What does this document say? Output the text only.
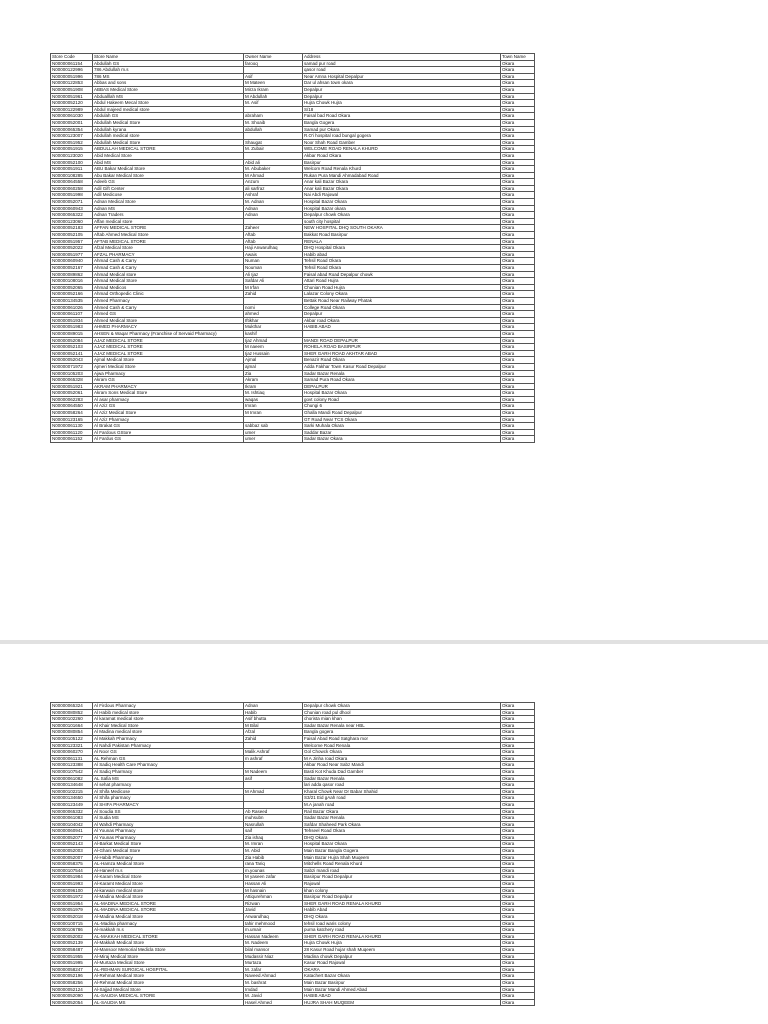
Store Code	Store Name	Owner Name	Address	Town Name
N00000061154	Abdullah GS	farooq	samad pur road	Okara
N00000122996	786 Abdullah m.s		qasor road	Okara
N00000051996	786 MS	Asif	Near Amna Hospital Depalpur	Okara
N00000122853	Abbas and sons	M Mateen	Dar ul ahsan town okara	Okara
N00000051908	ABBAS Medical Store	Mirza Ikram	Depalpur	Okara
N00000051961	Abdualllah MS	M Abdullah	Depalpur	Okara
N00000052120	Abdul Hakeem Mecal Store	M. Asif	Hujra Chowk Hujra	Okara
N00000122989	Abdul majeed medical store		S/18	Okara
N00000061030	Abdulah GS	abraham	Faisal bad Road Okara	Okara
N00000052001	Abdullah Medical Store	M. Shoaib	Bangla Gogera	Okara
N00000065354	Abdullah kyrana	abdullah	Samad pur Okara	Okara
N00000123007	Abdullah medical store		R.O'i hospital road bungal gogera	Okara
N00000051952	Abdullah Medical Store	Shaugat	Noor Shah Road Gamber	Okara
N00000051915	ABDULLAH MEDICAL STORE	M. Zubair	WELCOME ROAD RENALA KHURD	Okara
N00000123020	Abid Medical Store		Akbar Road Okara	Okara
N00000052100	Abid MS	Abid ali	Basirpur	Okara
N00000051911	ABU Bakar Medical Store	M. Abubaker	Welcom Road Renala Khurd	Okara
N00000108285	Abu Bakar Medical Store	M Ahmad	Rukan Pura Mandi Ahmadabad Road	Okara
N00000064558	Adeeb GS	Anzum	Anar kali Bazar Okara	Okara
N00000060258	Adil Gift Center	ali sarfraz	Anar kali Bazar Okara	Okara
N00000051998	Adil Medicose	Ashraf	Nai Abdi Rajowal	Okara
N00000052071	Adnan Medical Store	M. Adnan	Hospital Bazar Okara	Okara
N00000060943	Adnan MS	Adnan	Hospital Bazar okara	Okara
N00000065322	Adnan Traders	Adnan	Depalpur chowk Okara	Okara
N00000123060	Affan medical store		south city hospital	Okara
N00000052183	AFFAN MEDICAL STORE	Zaheer	NEW HOSPITAL DHQ SOUTH OKARA	Okara
N00000052105	Aftab Ahmed Medical Store	Aftab	Bakkat Road Basirpur	Okara
N00000051957	AFTAB MEDICAL STORE	Aftab	RENALA	Okara
N00000052022	Afzal Medical Store	Haji Anwarulhaq	DHQ Hospital Okara	Okara
N00000051977	AFZAL PHARMACY	Awais	Habib abad	Okara
N00000060940	Ahmad Cash & Carry	Numan	Tehsil Road Okara	Okara
N00000052167	Ahmad Cash & Carry	Nouman	Tehsil Road Okara	Okara
N00000089862	Ahmad Medical store	Ali Ijaz	Faisal abad Road Depalpur chowk	Okara
N00000108016	Ahmad Medical Store	Safdar Ali	Attari Road Hujra	Okara
N00000052065	Ahmad Medicos	M Irfan	Chunian Road Hujra	Okara
N00000052166	Ahmad Orthopedic Clinic	Zahid	Lalazar Colony Okara	Okara
N00000134535	Ahmed Pharmacy		Bettak Road Near Railway Phatak	Okara
N00000061026	Ahmed Cash & Carry	nomi	College Road Okara	Okara
N00000061107	Ahmed GS	ahmed	Depalpur	Okara
N00000051934	Ahmed Medical Store	Iftikhar	Akbar road Okara	Okara
N00000051983	AHMED PHARMACY	Mukthar	HABIB ABAD	Okara
N00000089015	AHSEN & Waqar Pharmacy (Franchise of Servaid Pharmacy)	kashif		Okara
N00000052084	AJAZ MEDICAL STORE	Ijaz Ahmad	MANDI ROAD DEPALPUR	Okara
N00000052103	AJAZ MEDICAL STORE	M naeem	ROHELA ROAD BASIRPUR	Okara
N00000052141	AJAZ MEDICAL STORE	Ijaz Hussain	SHER GARH ROAD AKHTAR ABAD	Okara
N00000052043	Ajmal Medical Store	Ajmal	Benazir Road Okara	Okara
N00000071972	Ajmeri Medical Store	ajmal	Adda Fakhar Town Kasur Road Depalpur	Okara
N00000105203	Ajwa Pharmacy	Zia	Sadar Bazar Renala	Okara
N00000065328	Akram GS	Akram	Samad Pura Road Okara	Okara
N00000051921	AKRAM PHARMACY	Ikram	DEPALPUR	Okara
N00000052061	Akram Sons Medical Store	M. Ishtiaq	Hospital Bazar Okara	Okara
N00000062283	Al asar pharmacy	waqas	govt colony Road	Okara
N00000064550	Al Aziz GS	Imran	Chungi 6	Okara
N00000058264	Al Aziz Medical Store	M Imran	Ghalla Mandi Road Depalpur	Okara
N00000123165	Al Aziz Pharmacy		GT Road Near TCS Okara	Okara
N00000061130	Al Brakat GS	sabbaz sab	Sarki Muhala Okara	Okara
N00000061120	Al Fardous GStore	umer	Saddar Bazar	Okara
N00000061152	Al Fardus GS	umer	Sadar Bazar Okara	Okara
N00000065324	Al Firdous Pharmacy	Adnan	Depalpur chowk Okara	Okara
N00000080852	Al Habib medical store	Habib	Chunian road pul dhool	Okara
N00000102260	Al karamat medical store	Asif bhutta	chorista mian khan	Okara
N00000101664	Al Khair Medical Store	M Bilal	Sadar Bazar Renala near HBL	Okara
N00000080854	Al Madina medical store	Afzal	Bangla gogera	Okara
N00000105122	Al Makkah Pharmacy	Zahid	Faisal Abad Road Satghara mor	Okara
N00000123321	Al Nahdi Pakistan Pharmacy		Welcome Road Renala	Okara
N00000060270	Al Noor GS	Malik Ashraf	Gol Chowck Okara	Okara
N00000061131	AL Rehman GS	m ashraf	M A Jinha road Okara	Okara
N00000123388	Al Sadiq Health Care Pharmacy		Akbar Road Near Sabz Mandi	Okara
N00000107542	Al Sadiq Pharmacy	M Nadeem	Basti Kot Khuda Dad Gamber	Okara
N00000061082	AL Safia MS	asif	Sadar Bazar Renala	Okara
N00000134648	Al sehat pharmacy		lari adda qasor road	Okara
N00000102215	Al Shifa Medicose	M Ahmad	Kharal Chowk Near Dr Babar Shahid	Okara
N00000134650	Al Shifa pharmacy		S3/21 Eid gAah road	Okara
N00000123449	Al SHIFA PHARMACY		M.A janah road	Okara
N00000065332	Al Soudia SS	Ab Raseed	Rail Bazar Okara	Okara
N00000061083	Al Sudia MS	muhsubn	Sadar Bazar Renala	Okara
N00000104042	Al Wahdi Pharmacy	Nasrullah	Safdar Shaheed Park Okara	Okara
N00000060941	Al Younas Pharmacy	saif	Tehseel Road Okara	Okara
N00000052077	Al Younas Pharmacy	Zia ishaq	DHQ Okara	Okara
N00000052143	Al-Barkat Medical Store	M. Imran	Hospital Bazar Okara	Okara
N00000052003	Al-Ghani Medical Store	M. Abid	Main Bazar Bangla Gogera	Okara
N00000052007	Al-Habib Pharmacy	Zia Habib	Main Bazar Hujra Shah Muqeem	Okara
N00000058375	AL-Hamza Medical Store	rana Tariq	Mitchells Road Renala Khurd	Okara
N00000107544	Al-Haneef m.s	m.younas	Sabzi mandi road	Okara
N00000051984	Al-Karam Medical Store	M yaseen zafar	Basirpur Road Depalpur	Okara
N00000051993	Al-Karamt Medical Store	Hassan Ali	Rajowal	Okara
N00000096100	Al-karwain medical store	M hasnain	khan colony	Okara
N00000051972	Al-Madina Medical Store	Attiqurehman	Basirpur Road Depalpur	Okara
N00000051954	AL-MADINA MEDICAL STORE	Rizwan	SHER GARH ROAD RENALA KHURD	Okara
N00000051979	AL-MADINA MEDICAL STORE	Javid	Habib Abad	Okara
N00000052018	Al-Madina Medical Store	Anwarulhaq	DHQ Okara	Okara
N00000100715	AL-Madina pharmacy	tahir mehmood	tehsil road waris colony	Okara
N00000106786	Al-makkah m.s	m.umair	purna katchery road	Okara
N00000052002	AL-MAKKAH MEDICAL STORE	Hassan Nadeem	SHER GARH ROAD RENALA KHURD	Okara
N00000052139	Al-Makkah Medical Store	M. Nadeem	Hujra Chowk Hujra	Okara
N00000058487	Al-Mansoor Memorial Medicla Store	bilal mansor	28 Kasur Road hujar shah Muqeem	Okara
N00000051955	Al-Miraj Medical Store	Mudassir Niaz	Madina chowk Depalpur	Okara
N00000051995	Al-Murtaza Medical Store	Murtaza	Kasur Road Rajowal	Okara
N00000058247	AL-REHMAN SURGICAL HOSPITAL	M. zafar	OKARA	Okara
N00000052196	Al-Rehmat Medical Store	Naveed Ahmad	Katachert Bazar Okara	Okara
N00000058256	Al-Rehmat Medical Store	M. bashrat	Main Bazar Basirpur	Okara
N00000052124	Al-Sajjad Medical Store	Imdad	Main Bazar Mandi Ahmed Abad	Okara
N00000052090	AL-SAUDIA MEDICAL STORE	M. Javid	HABIB ABAD	Okara
N00000052054	AL-SAUDIA MS	Hasel Ahmed	HUJRA SHAH MUQEEM	Okara
